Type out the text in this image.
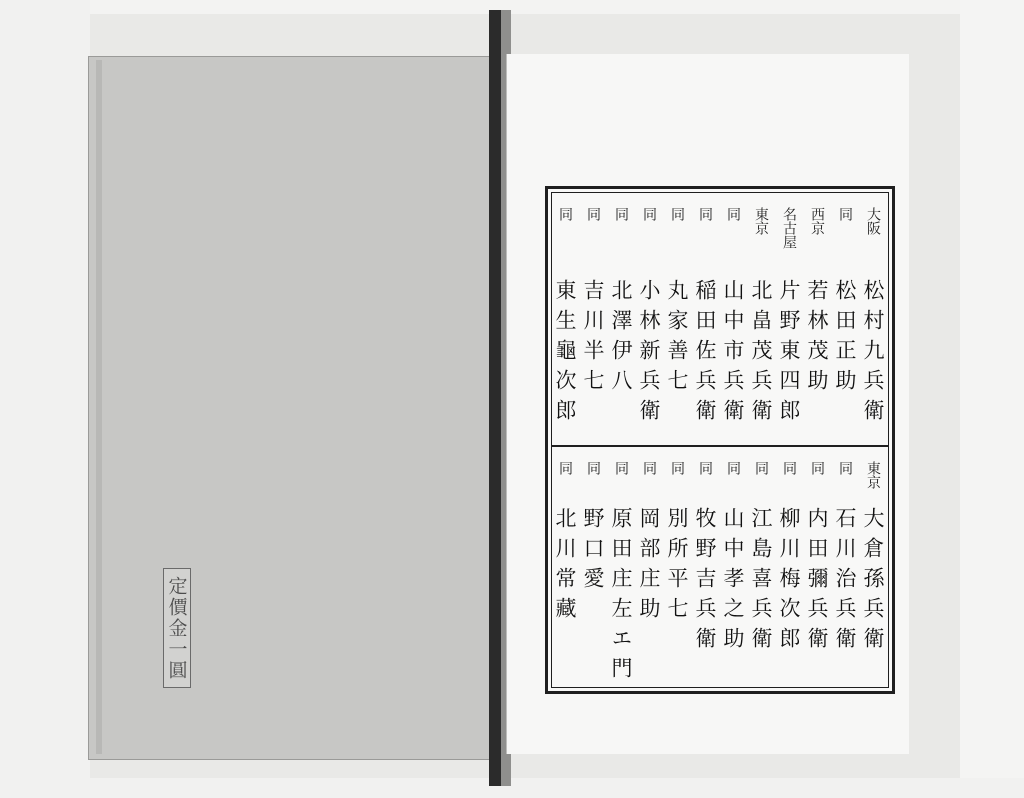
定價金一圓
大阪
松村九兵衛
同
松田正助
西京
若林茂助
名古屋
片野東四郎
東京
北畠茂兵衛
同
山中市兵衛
同
稲田佐兵衛
同
丸家善七
同
小林新兵衛
同
北澤伊八
同
吉川半七
同
東生龜次郎
東京
大倉孫兵衛
同
石川治兵衛
同
内田彌兵衛
同
柳川梅次郎
同
江島喜兵衛
同
山中孝之助
同
牧野吉兵衛
同
別所平七
同
岡部庄助
同
原田庄左エ門
同
野口愛
同
北川常藏
